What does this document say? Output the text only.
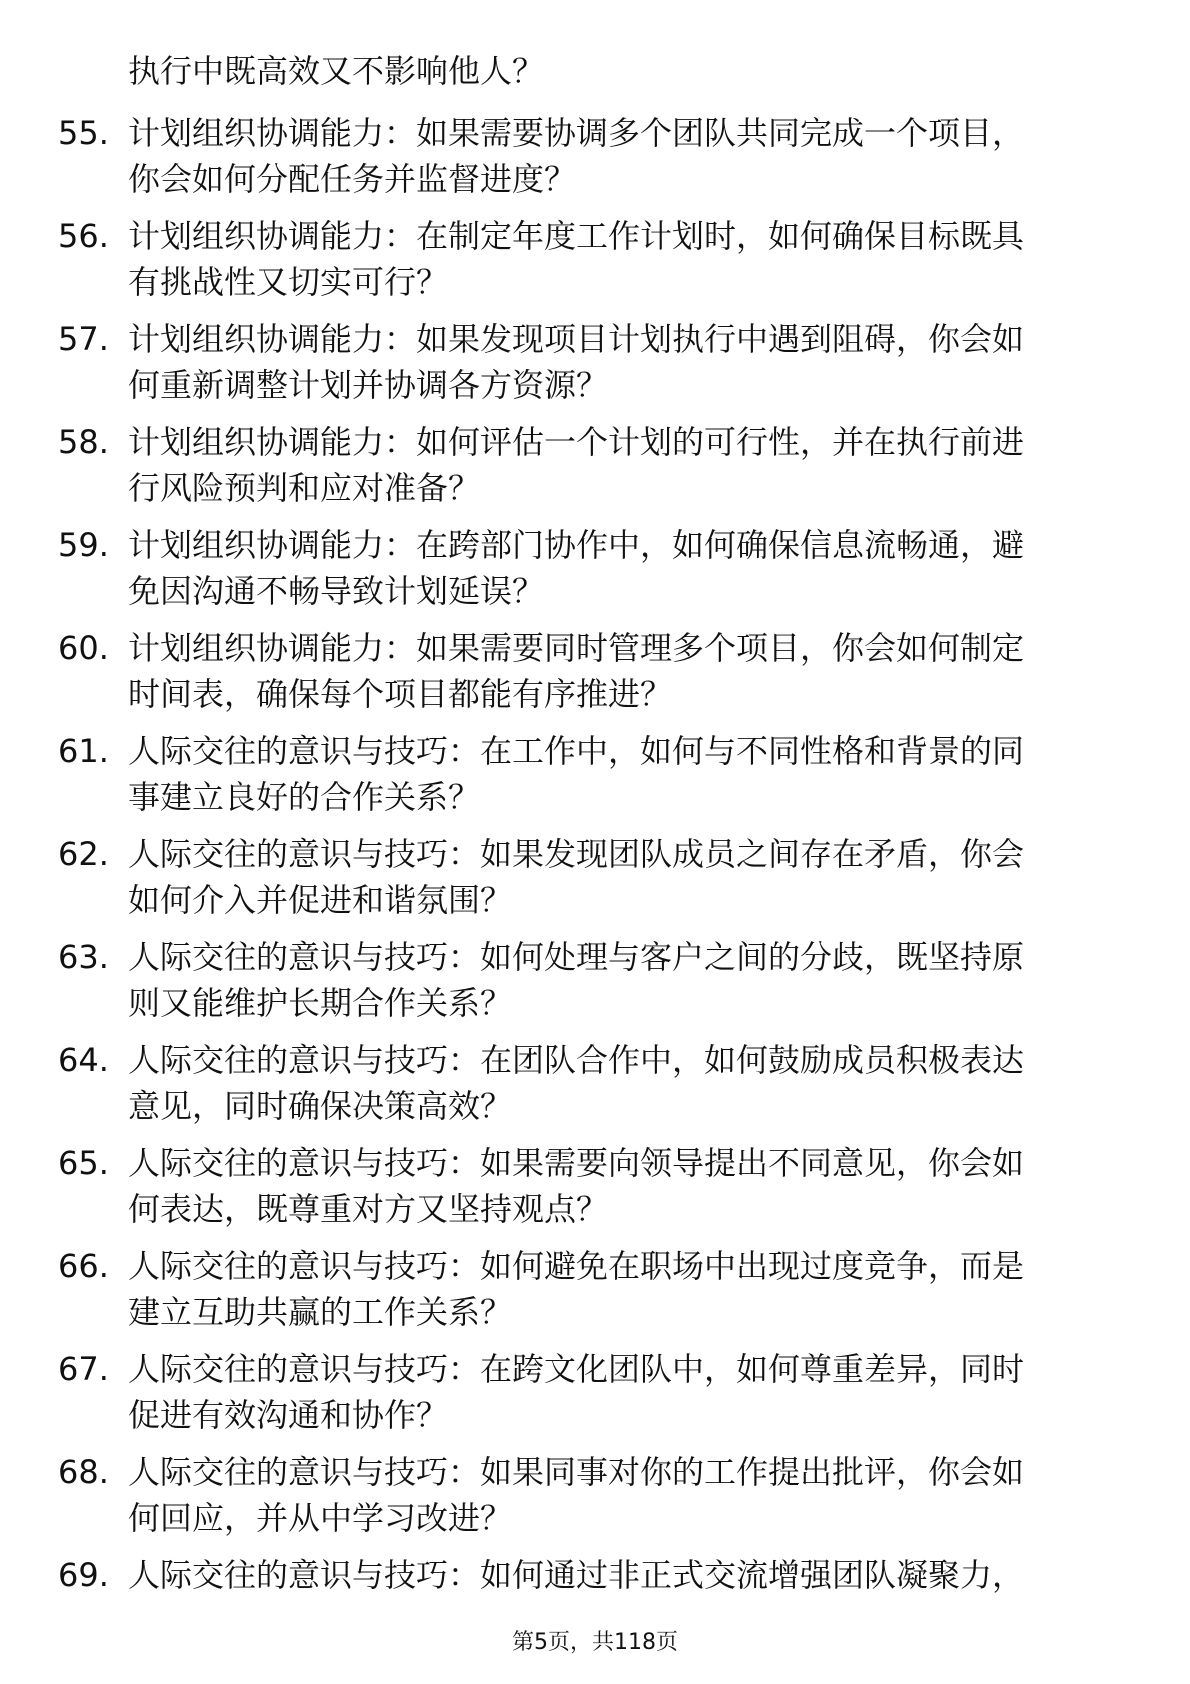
执行中既高效又不影响他人？
55. 计划组织协调能力：如果需要协调多个团队共同完成一个项目，
你会如何分配任务并监督进度？
56. 计划组织协调能力：在制定年度工作计划时，如何确保目标既具
有挑战性又切实可行？
57. 计划组织协调能力：如果发现项目计划执行中遇到阻碍，你会如
何重新调整计划并协调各方资源？
58. 计划组织协调能力：如何评估一个计划的可行性，并在执行前进
行风险预判和应对准备？
59. 计划组织协调能力：在跨部门协作中，如何确保信息流畅通，避
免因沟通不畅导致计划延误？
60. 计划组织协调能力：如果需要同时管理多个项目，你会如何制定
时间表，确保每个项目都能有序推进？
61. 人际交往的意识与技巧：在工作中，如何与不同性格和背景的同
事建立良好的合作关系？
62. 人际交往的意识与技巧：如果发现团队成员之间存在矛盾，你会
如何介入并促进和谐氛围？
63. 人际交往的意识与技巧：如何处理与客户之间的分歧，既坚持原
则又能维护长期合作关系？
64. 人际交往的意识与技巧：在团队合作中，如何鼓励成员积极表达
意见，同时确保决策高效？
65. 人际交往的意识与技巧：如果需要向领导提出不同意见，你会如
何表达，既尊重对方又坚持观点？
66. 人际交往的意识与技巧：如何避免在职场中出现过度竞争，而是
建立互助共赢的工作关系？
67. 人际交往的意识与技巧：在跨文化团队中，如何尊重差异，同时
促进有效沟通和协作？
68. 人际交往的意识与技巧：如果同事对你的工作提出批评，你会如
何回应，并从中学习改进？
69. 人际交往的意识与技巧：如何通过非正式交流增强团队凝聚力，
第5页，共118页
